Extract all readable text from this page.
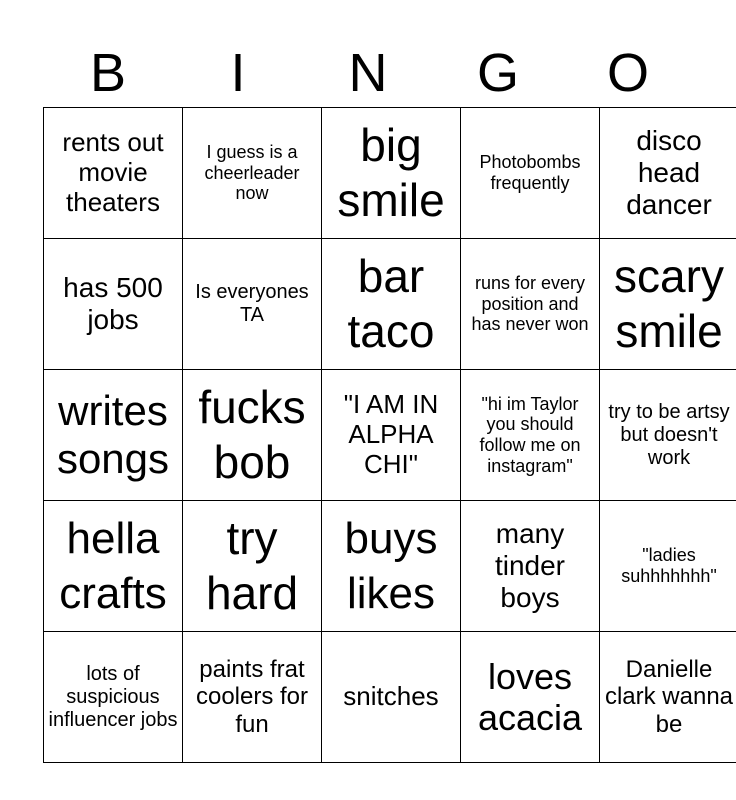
B	I	N	G	O
rents out movie theaters	I guess is a cheerleader now	big smile	Photobombs frequently	disco head dancer
has 500 jobs	Is everyones TA	bar taco	runs for every position and has never won	scary smile
writes songs	fucks bob	"I AM IN ALPHA CHI"	"hi im Taylor you should follow me on instagram"	try to be artsy but doesn't work
hella crafts	try hard	buys likes	many tinder boys	"ladies suhhhhhhh"
lots of suspicious influencer jobs	paints frat coolers for fun	snitches	loves acacia	Danielle clark wanna be
